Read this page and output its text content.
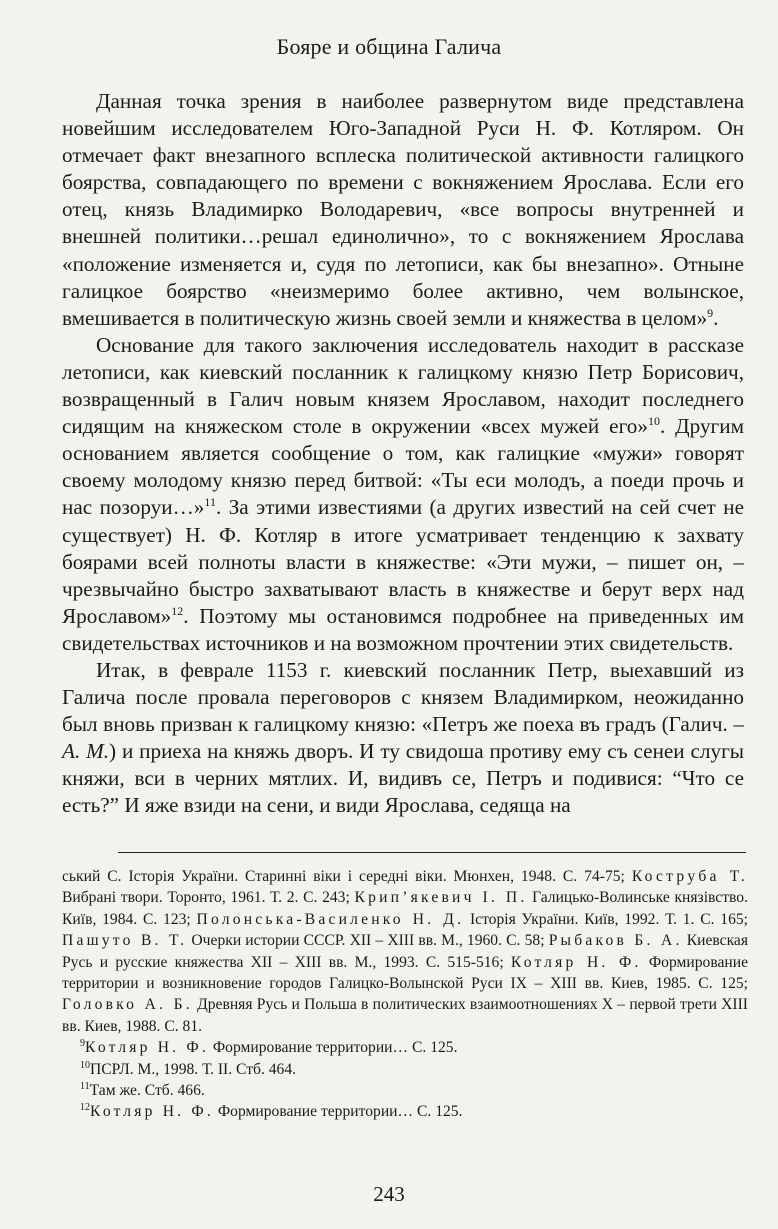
Бояре и община Галича

Данная точка зрения в наиболее развернутом виде представлена новейшим исследователем Юго-Западной Руси Н. Ф. Котляром. Он отмечает факт внезапного всплеска политической активности галицкого боярства, совпадающего по времени с вокняжением Ярослава. Если его отец, князь Владимирко Володаревич, «все вопросы внутренней и внешней политики…решал единолично», то с вокняжением Ярослава «положение изменяется и, судя по летописи, как бы внезапно». Отныне галицкое боярство «неизмеримо более активно, чем волынское, вмешивается в политическую жизнь своей земли и княжества в целом»$^9$.

Основание для такого заключения исследователь находит в рассказе летописи, как киевский посланник к галицкому князю Петр Борисович, возвращенный в Галич новым князем Ярославом, находит последнего сидящим на княжеском столе в окружении «всех мужей его»$^{10}$. Другим основанием является сообщение о том, как галицкие «мужи» говорят своему молодому князю перед битвой: «Ты еси молодъ, а поеди прочь и нас позоруи…»$^{11}$. За этими известиями (а других известий на сей счет не существует) Н. Ф. Котляр в итоге усматривает тенденцию к захвату боярами всей полноты власти в княжестве: «Эти мужи, – пишет он, – чрезвычайно быстро захватывают власть в княжестве и берут верх над Ярославом»$^{12}$. Поэтому мы остановимся подробнее на приведенных им свидетельствах источников и на возможном прочтении этих свидетельств.

Итак, в феврале 1153 г. киевский посланник Петр, выехавший из Галича после провала переговоров с князем Владимирком, неожиданно был вновь призван к галицкому князю: «Петръ же поеха въ градъ (Галич. – А. М.) и приеха на княжь дворъ. И ту свидоша противу ему съ сенеи слугы княжи, вси в черних мятлих. И, видивъ се, Петръ и подивися: “Что се есть?” И яже взиди на сени, и види Ярослава, седяща на

ський С. Історія України. Старинні віки і середні віки. Мюнхен, 1948. С. 74-75; Кострyба Т. Вибрані твори. Торонто, 1961. Т. 2. С. 243; Крип’якевич І. П. Галицько-Волинське князівство. Київ, 1984. С. 123; Полонська-Василенко Н. Д. Історія України. Київ, 1992. Т. 1. С. 165; Пашуто В. Т. Очерки истории СССР. XII – XIII вв. М., 1960. С. 58; Рыбаков Б. А. Киевская Русь и русские княжества XII – XIII вв. М., 1993. С. 515-516; Котляр Н. Ф. Формирование территории и возникновение городов Галицко-Волынской Руси IX – XIII вв. Киев, 1985. С. 125; Головко А. Б. Древняя Русь и Польша в политических взаимоотношениях X – первой трети XIII вв. Киев, 1988. С. 81.

$^9$Котляр Н. Ф. Формирование территории… С. 125.

$^{10}$ПСРЛ. М., 1998. Т. II. Стб. 464.

$^{11}$Там же. Стб. 466.

$^{12}$Котляр Н. Ф. Формирование территории… С. 125.

243
